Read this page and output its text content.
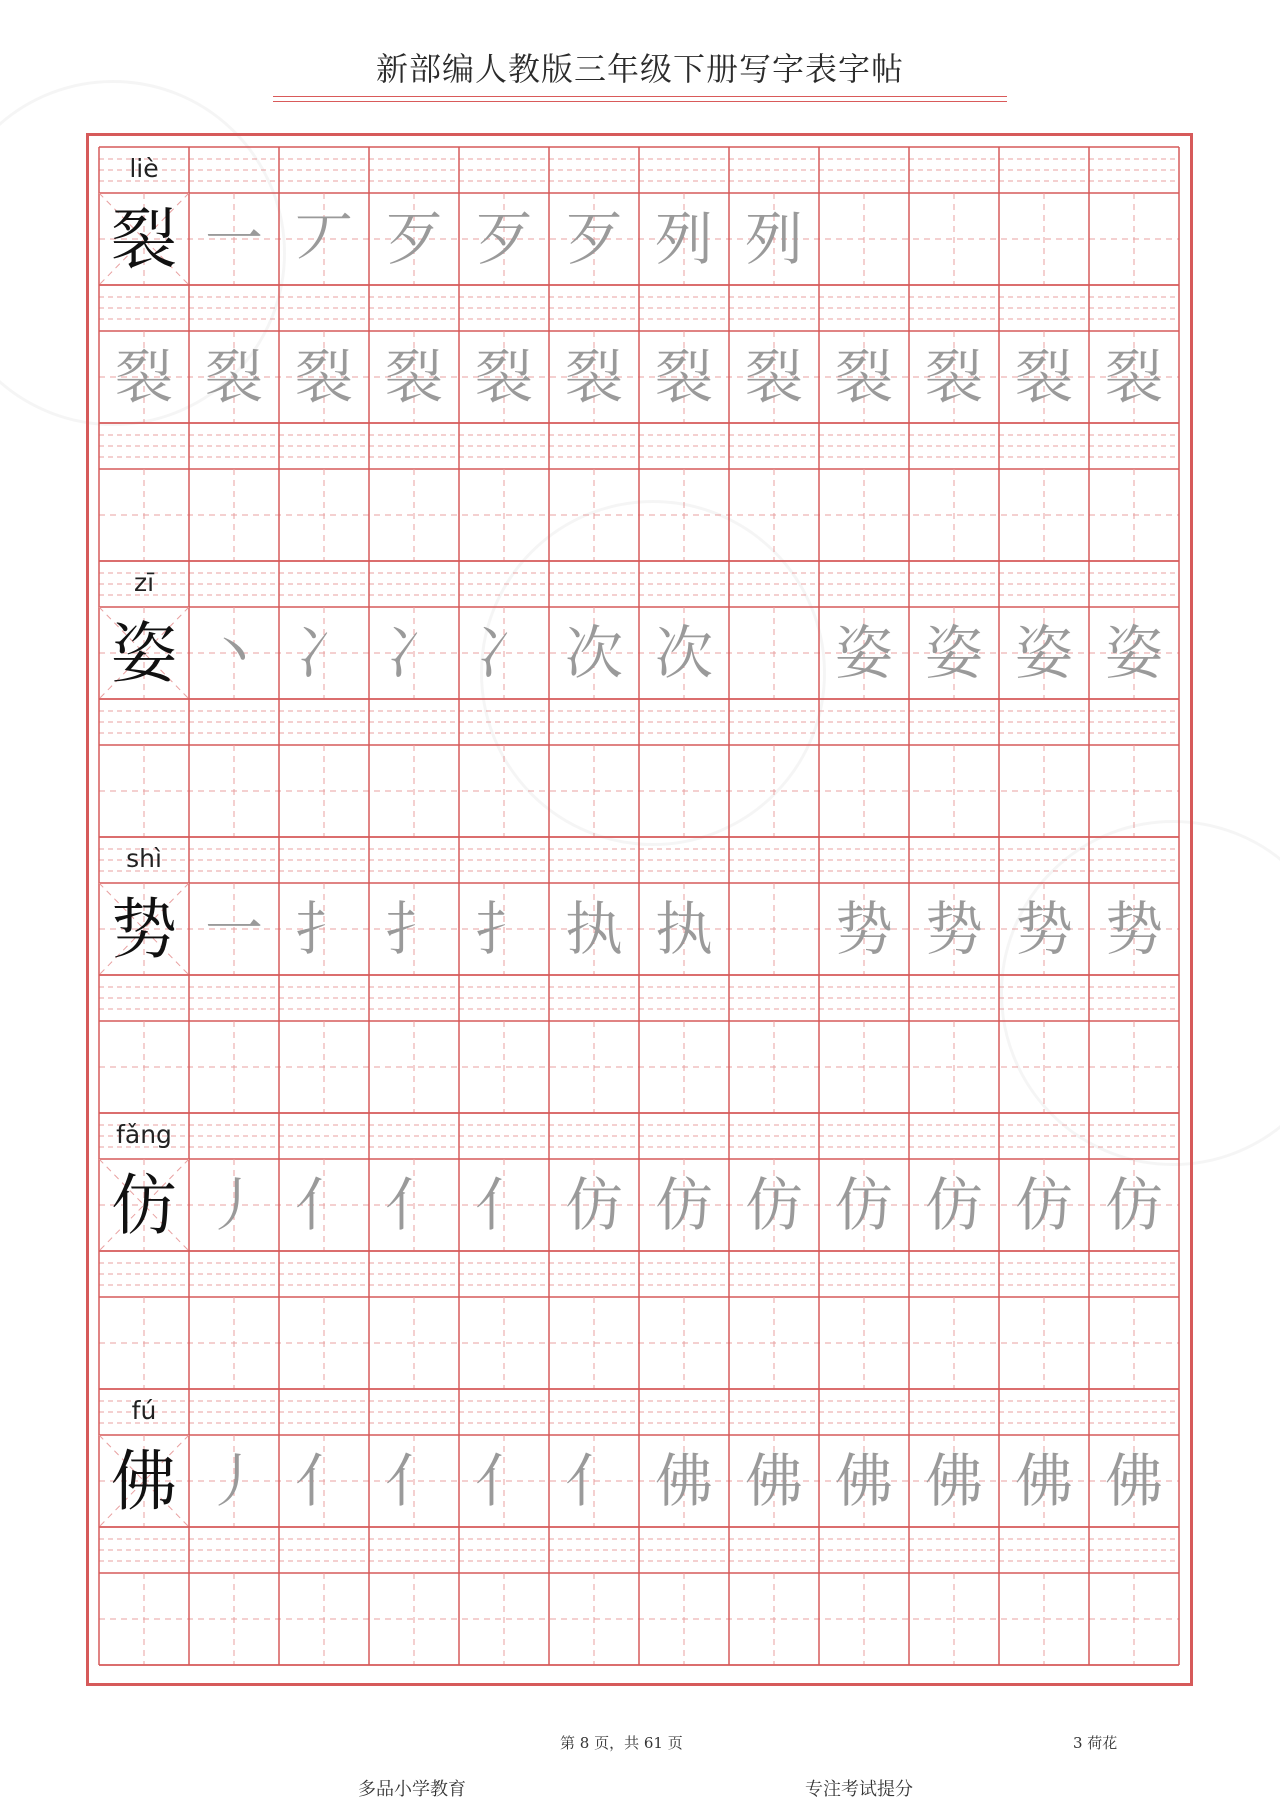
新部编人教版三年级下册写字表字帖
liè
裂 一 丆 歹 歹 歹 列 列
裂 裂 裂 裂 裂 裂 裂 裂 裂 裂 裂 裂
zī
姿 丶 冫 冫 冫 次 次 姿 姿 姿 姿
shì
势 一 扌 扌 扌 执 执 势 势 势 势
fǎng
仿 丿 亻 亻 亻 仿 仿 仿 仿 仿 仿 仿
fú
佛 丿 亻 亻 亻 亻 佛 佛 佛 佛 佛 佛
第 8 页，共 61 页	3 荷花
多品小学教育	专注考试提分
